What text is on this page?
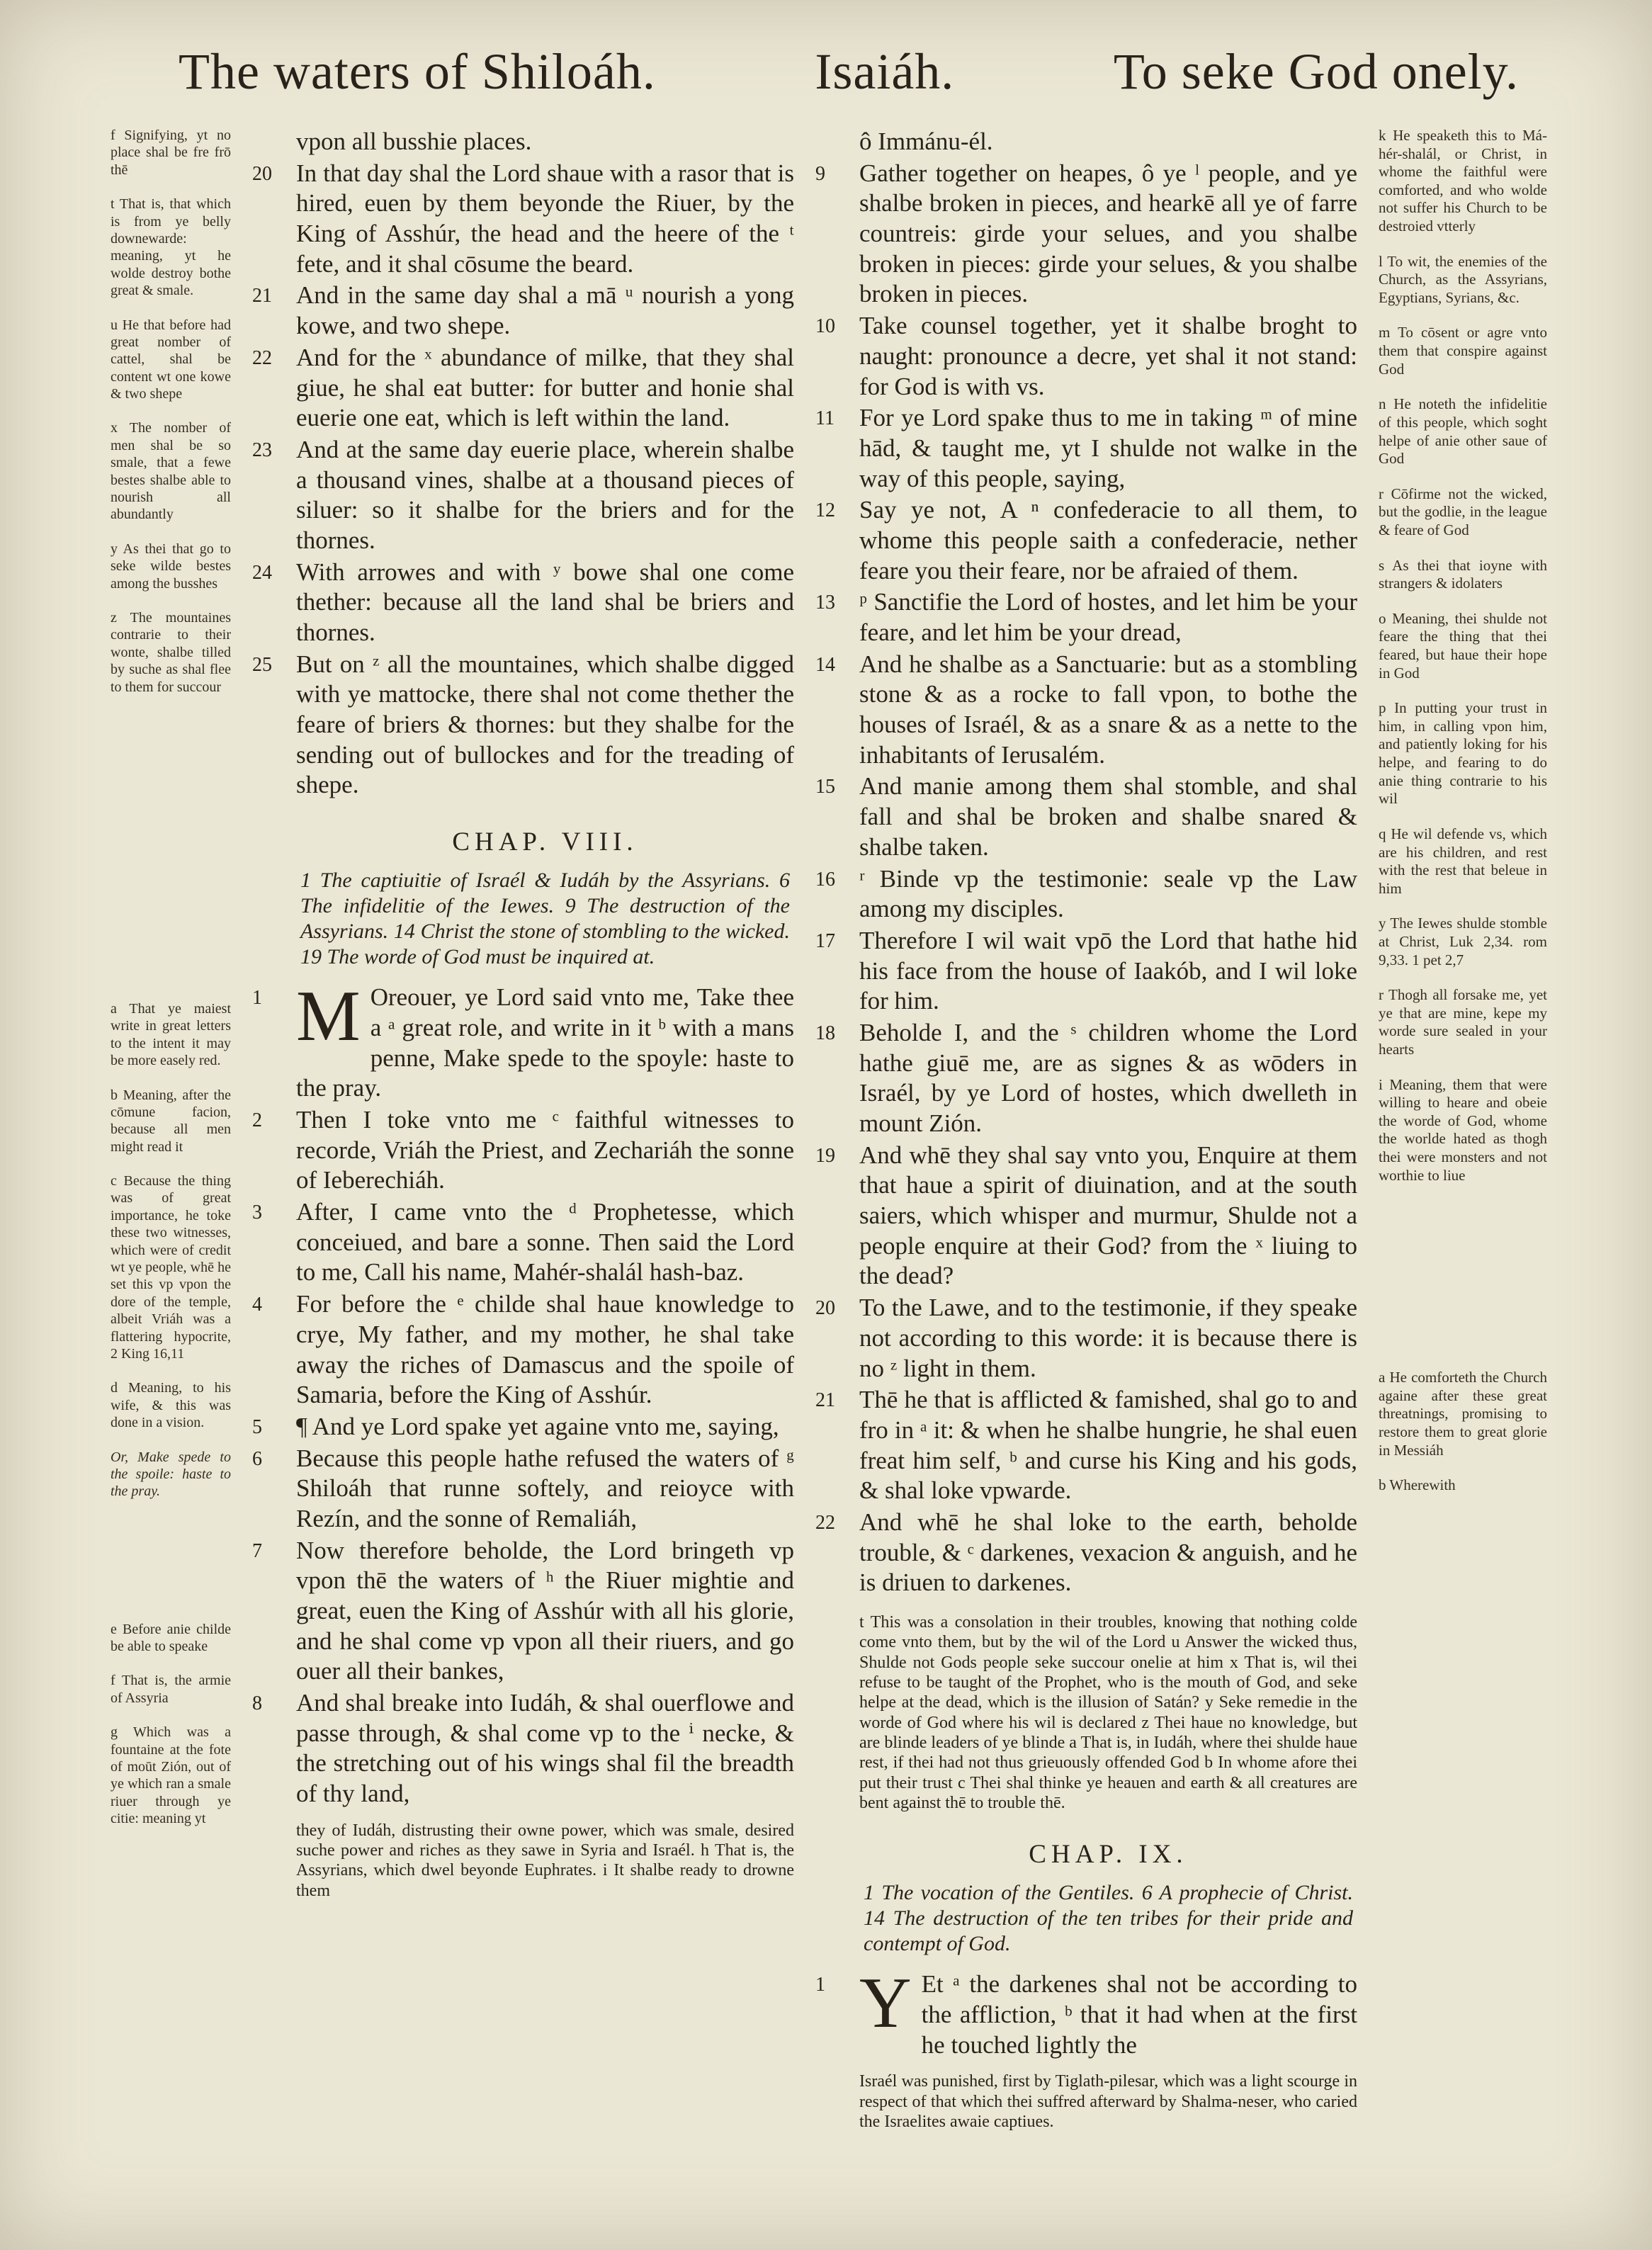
The waters of Shiloáh.	Isaiáh.	To seke God onely.

f Signifying, yt no place shal be fre frō thē

t That is, that which is from ye belly downewarde: meaning, yt he wolde destroy bothe great & smale.

u He that before had great nomber of cattel, shal be content wt one kowe & two shepe

x The nomber of men shal be so smale, that a fewe bestes shalbe able to nourish all abundantly

y As thei that go to seke wilde bestes among the busshes

z The mountaines contrarie to their wonte, shalbe tilled by suche as shal flee to them for succour

a That ye maiest write in great letters to the intent it may be more easely red.

b Meaning, after the cōmune facion, because all men might read it

c Because the thing was of great importance, he toke these two witnesses, which were of credit wt ye people, whē he set this vp vpon the dore of the temple, albeit Vriáh was a flattering hypocrite, 2 King 16,11

d Meaning, to his wife, & this was done in a vision.

Or, Make spede to the spoile: haste to the pray.

e Before anie childe be able to speake

f That is, the armie of Assyria

g Which was a fountaine at the fote of moūt Zión, out of ye which ran a smale riuer through ye citie: meaning yt

vpon all busshie places.

20 In that day shal the Lord shaue with a rasor that is hired, euen by them beyonde the Riuer, by the King of Asshúr, the head and the heere of the ᵗ fete, and it shal cōsume the beard.

21 And in the same day shal a mā ᵘ nourish a yong kowe, and two shepe.

22 And for the ˣ abundance of milke, that they shal giue, he shal eat butter: for butter and honie shal euerie one eat, which is left within the land.

23 And at the same day euerie place, wherein shalbe a thousand vines, shalbe at a thousand pieces of siluer: so it shalbe for the briers and for the thornes.

24 With arrowes and with ʸ bowe shal one come thether: because all the land shal be briers and thornes.

25 But on ᶻ all the mountaines, which shalbe digged with ye mattocke, there shal not come thether the feare of briers & thornes: but they shalbe for the sending out of bullockes and for the treading of shepe.

CHAP. VIII.

1 The captiuitie of Israél & Iudáh by the Assyrians. 6 The infidelitie of the Iewes. 9 The destruction of the Assyrians. 14 Christ the stone of stombling to the wicked. 19 The worde of God must be inquired at.

1 M Oreouer, ye Lord said vnto me, Take thee a ᵃ great role, and write in it ᵇ with a mans penne, Make spede to the spoyle: haste to the pray.

2	Then I toke vnto me ᶜ faithful witnesses to recorde, Vriáh the Priest, and Zechariáh the sonne of Ieberechiáh.

3	After, I came vnto the ᵈ Prophetesse, which conceiued, and bare a sonne. Then said the Lord to me, Call his name, Mahér-shalál hash-baz.

4	For before the ᵉ childe shal haue knowledge to crye, My father, and my mother, he shal take away the riches of Damascus and the spoile of Samaria, before the King of Asshúr.

5	¶ And ye Lord spake yet againe vnto me, saying,

6	Because this people hathe refused the waters of ᵍ Shiloáh that runne softely, and reioyce with Rezín, and the sonne of Remaliáh,

7	Now therefore beholde, the Lord bringeth vp vpon thē the waters of ʰ the Riuer mightie and great, euen the King of Asshúr with all his glorie, and he shal come vp vpon all their riuers, and go ouer all their bankes,

8	And shal breake into Iudáh, & shal ouerflowe and passe through, & shal come vp to the ⁱ necke, & the stretching out of his wings shal fil the breadth of thy land,

they of Iudáh, distrusting their owne power, which was smale, desired suche power and riches as they sawe in Syria and Israél. h That is, the Assyrians, which dwel beyonde Euphrates. i It shalbe ready to drowne them

ô Immánu-él.

9	Gather together on heapes, ô ye ˡ people, and ye shalbe broken in pieces, and hearkē all ye of farre countreis: girde your selues, and you shalbe broken in pieces: girde your selues, & you shalbe broken in pieces.

10 Take counsel together, yet it shalbe broght to naught: pronounce a decre, yet shal it not stand: for God is with vs.

11	For ye Lord spake thus to me in taking ᵐ of mine hād, & taught me, yt I shulde not walke in the way of this people, saying,

12 Say ye not, A ⁿ confederacie to all them, to whome this people saith a confederacie, nether feare you their feare, nor be afraied of them.

13 ᵖ Sanctifie the Lord of hostes, and let him be your feare, and let him be your dread,

14 And he shalbe as a Sanctuarie: but as a stombling stone & as a rocke to fall vpon, to bothe the houses of Israél, & as a snare & as a nette to the inhabitants of Ierusalém.

15 And manie among them shal stomble, and shal fall and shal be broken and shalbe snared & shalbe taken.

16 ʳ Binde vp the testimonie: seale vp the Law among my disciples.

17 Therefore I wil wait vpō the Lord that hathe hid his face from the house of Iaakób, and I wil loke for him.

18 Beholde I, and the ˢ children whome the Lord hathe giuē me, are as signes & as wōders in Israél, by ye Lord of hostes, which dwelleth in mount Zión.

19 And whē they shal say vnto you, Enquire at them that haue a spirit of diuination, and at the south saiers, which whisper and murmur, Shulde not a people enquire at their God? from the ˣ liuing to the dead?

20 To the Lawe, and to the testimonie, if they speake not according to this worde: it is because there is no ᶻ light in them.

21 Thē he that is afflicted & famished, shal go to and fro in ᵃ it: & when he shalbe hungrie, he shal euen freat him self, ᵇ and curse his King and his gods, & shal loke vpwarde.

22 And whē he shal loke to the earth, beholde trouble, & ᶜ darkenes, vexacion & anguish, and he is driuen to darkenes.

t This was a consolation in their troubles, knowing that nothing colde come vnto them, but by the wil of the Lord u Answer the wicked thus, Shulde not Gods people seke succour onelie at him x That is, wil thei refuse to be taught of the Prophet, who is the mouth of God, and seke helpe at the dead, which is the illusion of Satán? y Seke remedie in the worde of God where his wil is declared z Thei haue no knowledge, but are blinde leaders of ye blinde a That is, in Iudáh, where thei shulde haue rest, if thei had not thus grieuously offended God b In whome afore thei put their trust c Thei shal thinke ye heauen and earth & all creatures are bent against thē to trouble thē.

CHAP. IX.

1 The vocation of the Gentiles. 6 A prophecie of Christ. 14 The destruction of the ten tribes for their pride and contempt of God.

1 Y Et ᵃ the darkenes shal not be according to the affliction, ᵇ that it had when at the first he touched lightly the

Israél was punished, first by Tiglath-pilesar, which was a light scourge in respect of that which thei suffred afterward by Shalma-neser, who caried the Israelites awaie captiues.

k He speaketh this to Má-hér-shalál, or Christ, in whome the faithful were comforted, and who wolde not suffer his Church to be destroied vtterly

l To wit, the enemies of the Church, as the Assyrians, Egyptians, Syrians, &c.

m To cōsent or agre vnto them that conspire against God

n He noteth the infidelitie of this people, which soght helpe of anie other saue of God

r Cōfirme not the wicked, but the godlie, in the league & feare of God

s As thei that ioyne with strangers & idolaters

o Meaning, thei shulde not feare the thing that thei feared, but haue their hope in God

p In putting your trust in him, in calling vpon him, and patiently loking for his helpe, and fearing to do anie thing contrarie to his wil

q He wil defende vs, which are his children, and rest with the rest that beleue in him

y The Iewes shulde stomble at Christ, Luk 2,34. rom 9,33. 1 pet 2,7

r Thogh all forsake me, yet ye that are mine, kepe my worde sure sealed in your hearts

i Meaning, them that were willing to heare and obeie the worde of God, whome the worlde hated as thogh thei were monsters and not worthie to liue

a He comforteth the Church againe after these great threatnings, promising to restore them to great glorie in Messiáh

b Wherewith
